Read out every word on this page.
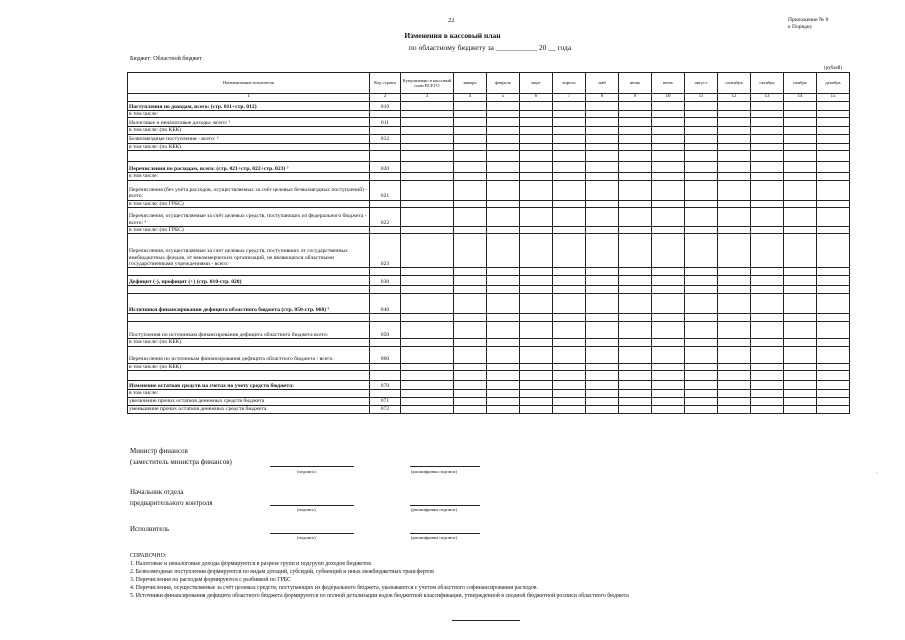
22	Приложение № 8
к Порядку
Изменения в кассовый план
по областному бюджету за ___________ 20 __ года
Бюджет: Областной бюджет
(рублей)
Наименование показателя	Код строки	Кумулятивно в кассовый план ВСЕГО	январь	февраль	март	апрель	май	июнь	июль	август	сентябрь	октябрь	ноябрь	декабрь
1	2	3	4	5	6	7	8	9	10	11	12	13	14	15
Поступления по доходам, всего: (стр. 011+стр. 012)	010													
в том числе:														
Налоговые и неналоговые доходы- всего: ¹	011													
в том числе: (по КБК)														
Безвозмездные поступления - всего: ²	012													
в том числе: (по КБК)														

Перечисления по расходам, всего: (стр. 021+стр. 022+стр. 023) ³	020													
в том числе:														
Перечисления (без учёта расходов, осуществляемых за счёт целевых безвозмездных поступлений) - всего:	021													
в том числе: (по ГРБС)														
Перечисления, осуществляемые за счёт целевых средств, поступающих из федерального бюджета - всего: ⁴	022													
в том числе: (по ГРБС)														
Перечисления, осуществляемые за счет целевых средств, поступивших от государственных внебюджетных фондов, от некоммерческих организаций, не являющихся областными государственными учреждениями - всего:	023													

Дефицит (-), профицит (+) (стр. 010-стр. 020)	030													

Источники финансирования дефицита областного бюджета (стр. 050-стр. 060) ⁵	040													

Поступления по источникам финансирования дефицита областного бюджета всего:	050													
в том числе: (по КБК)														
Перечисления по источникам финансирования дефицита областного бюджета - всего:	060													
в том числе: (по КБК)														

Изменение остатков средств на счетах по учету средств бюджета:	070													
в том числе:														
увеличение прочих остатков денежных средств бюджета	071													
уменьшение прочих остатков денежных средств бюджета	072													
Министр финансов
(заместитель министра финансов)
(подпись)	(расшифровка подписи)
Начальник отдела
предварительного контроля
(подпись)	(расшифровка подписи)
Исполнитель
(подпись)	(расшифровка подписи)
СПРАВОЧНО:
1. Налоговые и неналоговые доходы формируются в разрезе групп и подгрупп доходов бюджетов
2. Безвозмездные поступления формируются по видам дотаций, субсидий, субвенций и иных межбюджетных трансфертов
3. Перечисления по расходам формируются с разбивкой по ГРБС
4. Перечисления, осуществляемые за счёт целевых средств, поступающих из федерального бюджета, указываются с учетом областного софинансирования расходов.
5. Источники финансирования дефицита областного бюджета формируются по полной детализации кодов бюджетной классификации, утвержденной в сводной бюджетной росписи областного бюджета
·
